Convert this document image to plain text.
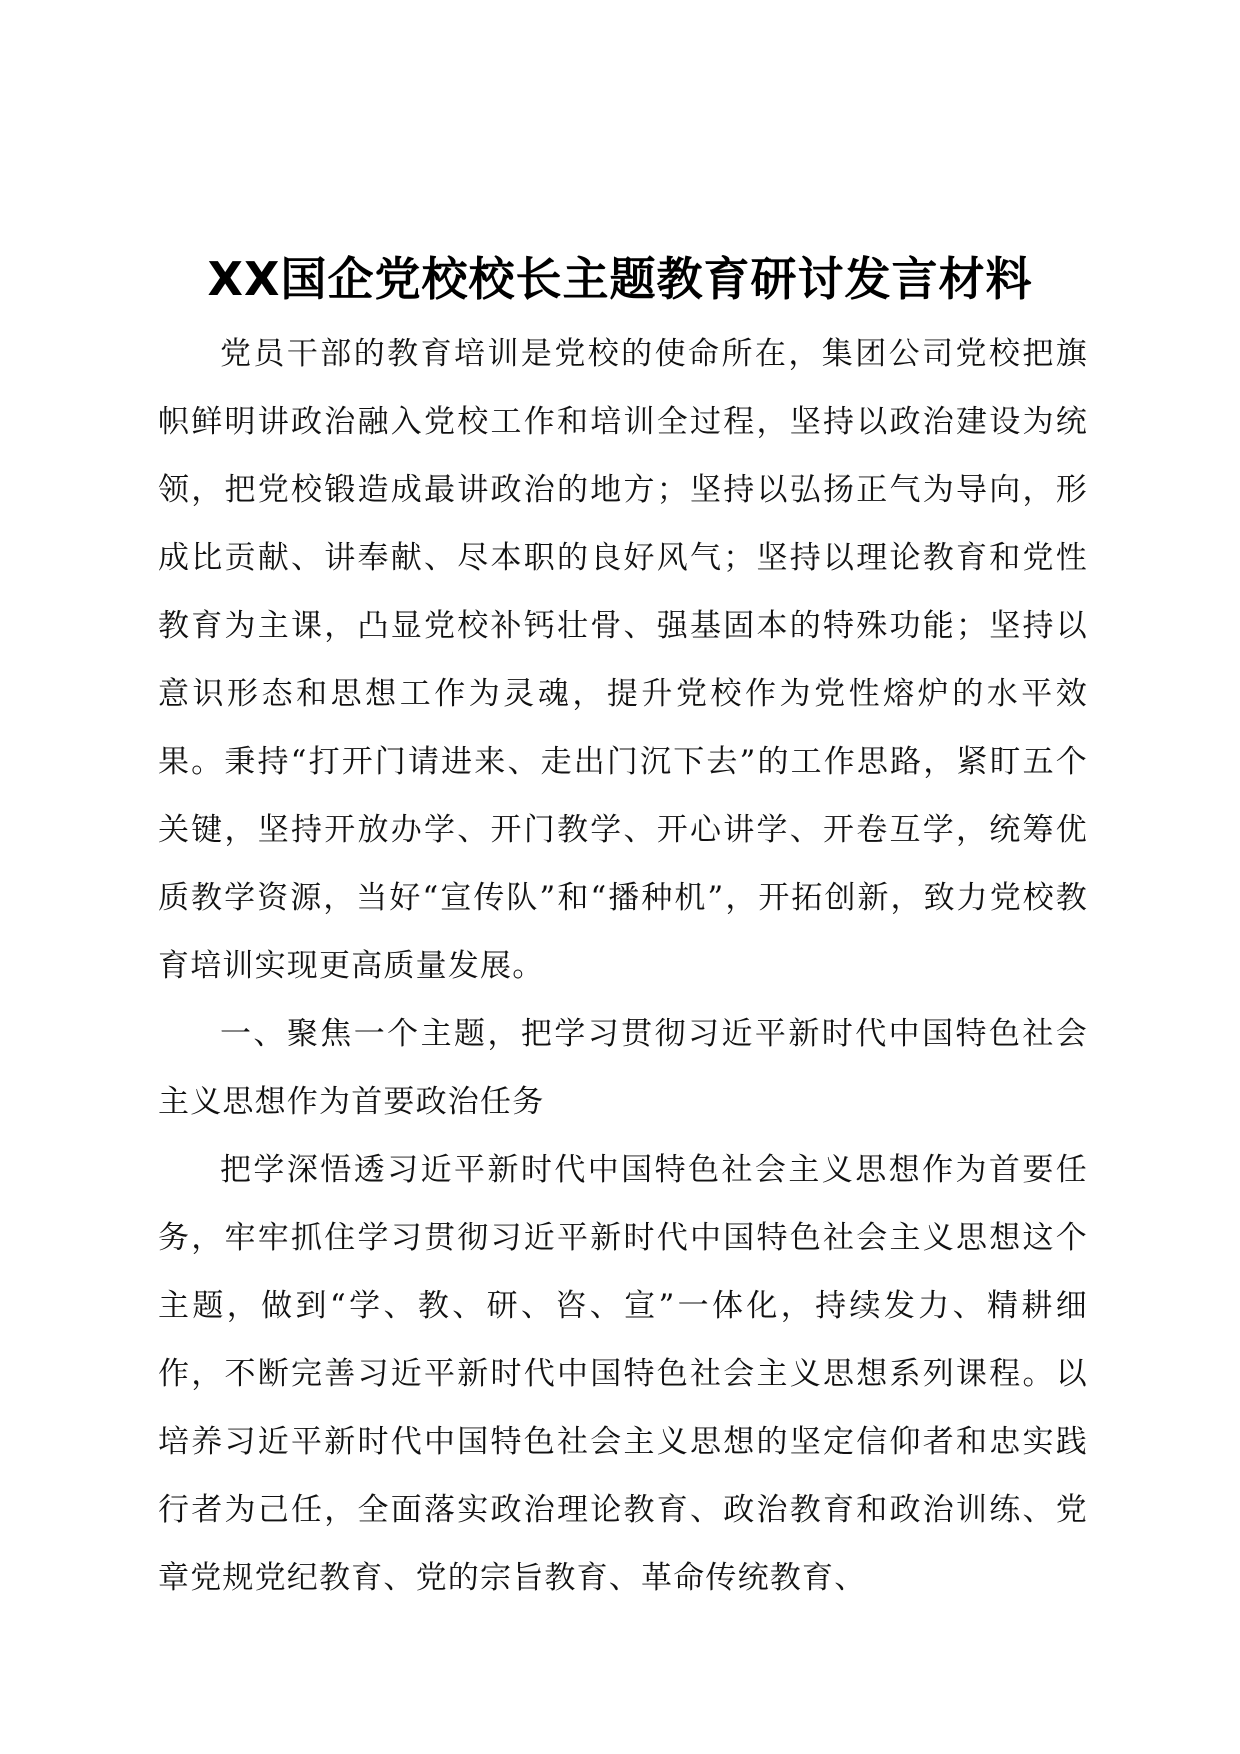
XX国企党校校长主题教育研讨发言材料

党员干部的教育培训是党校的使命所在，集团公司党校把旗帜鲜明讲政治融入党校工作和培训全过程，坚持以政治建设为统领，把党校锻造成最讲政治的地方；坚持以弘扬正气为导向，形成比贡献、讲奉献、尽本职的良好风气；坚持以理论教育和党性教育为主课，凸显党校补钙壮骨、强基固本的特殊功能；坚持以意识形态和思想工作为灵魂，提升党校作为党性熔炉的水平效果。秉持“打开门请进来、走出门沉下去”的工作思路，紧盯五个关键，坚持开放办学、开门教学、开心讲学、开卷互学，统筹优质教学资源，当好“宣传队”和“播种机”，开拓创新，致力党校教育培训实现更高质量发展。

一、聚焦一个主题，把学习贯彻习近平新时代中国特色社会主义思想作为首要政治任务

把学深悟透习近平新时代中国特色社会主义思想作为首要任务，牢牢抓住学习贯彻习近平新时代中国特色社会主义思想这个主题，做到“学、教、研、咨、宣”一体化，持续发力、精耕细作，不断完善习近平新时代中国特色社会主义思想系列课程。以培养习近平新时代中国特色社会主义思想的坚定信仰者和忠实践行者为己任，全面落实政治理论教育、政治教育和政治训练、党章党规党纪教育、党的宗旨教育、革命传统教育、
